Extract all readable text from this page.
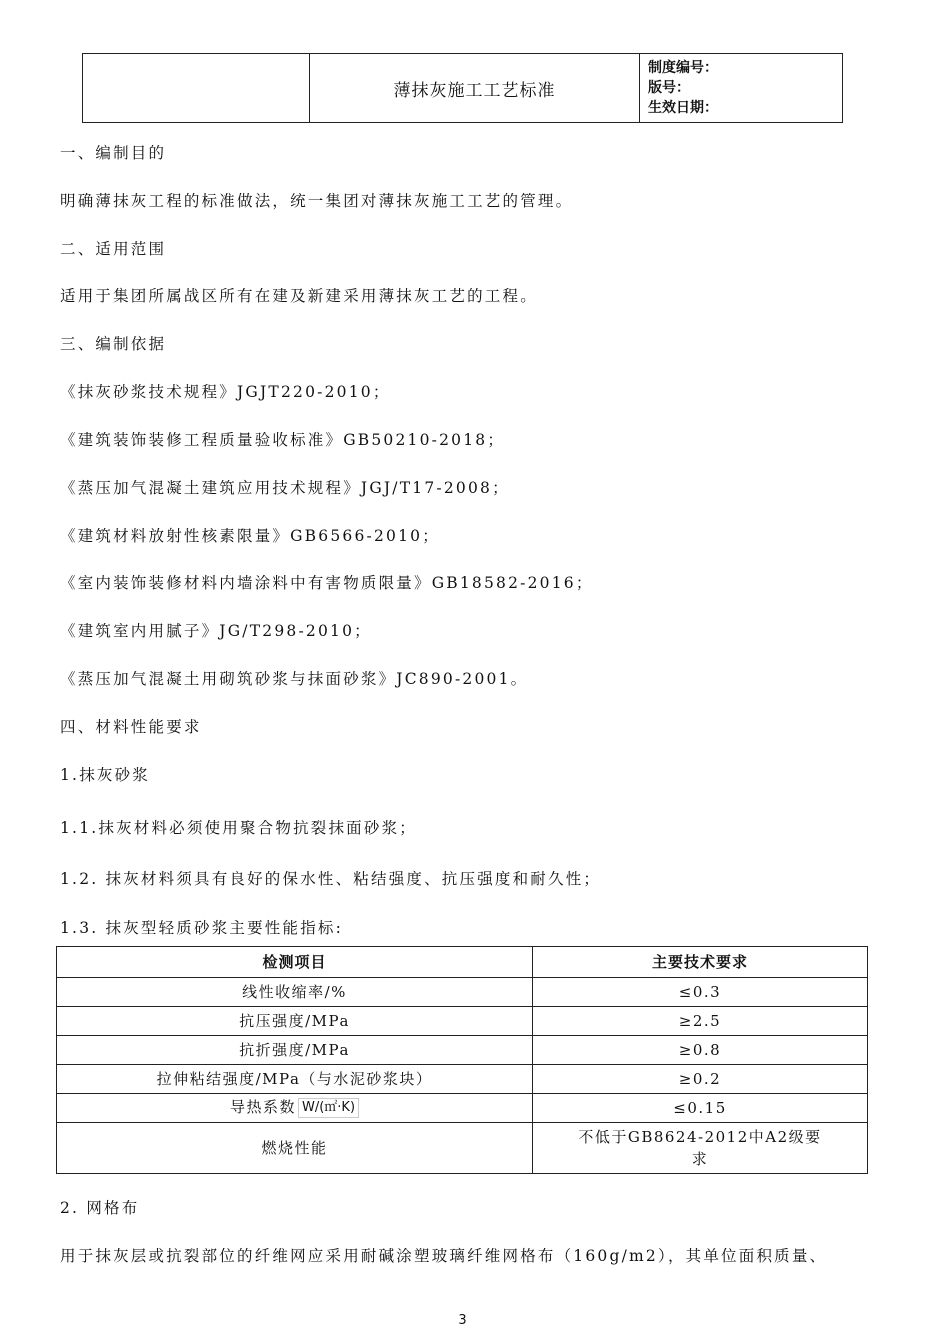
	薄抹灰施工工艺标准	
制度编号：
版号：
生效日期：
一、编制目的
明确薄抹灰工程的标准做法，统一集团对薄抹灰施工工艺的管理。
二、适用范围
适用于集团所属战区所有在建及新建采用薄抹灰工艺的工程。
三、编制依据
《抹灰砂浆技术规程》JGJT220-2010；
《建筑装饰装修工程质量验收标准》GB50210-2018；
《蒸压加气混凝土建筑应用技术规程》JGJ/T17-2008；
《建筑材料放射性核素限量》GB6566-2010；
《室内装饰装修材料内墙涂料中有害物质限量》GB18582-2016；
《建筑室内用腻子》JG/T298-2010；
《蒸压加气混凝土用砌筑砂浆与抹面砂浆》JC890-2001。
四、材料性能要求
1.抹灰砂浆
1.1.抹灰材料必须使用聚合物抗裂抹面砂浆；
1.2. 抹灰材料须具有良好的保水性、粘结强度、抗压强度和耐久性；
1.3. 抹灰型轻质砂浆主要性能指标:
检测项目	主要技术要求
线性收缩率/%	≤0.3
抗压强度/MPa	≥2.5
抗折强度/MPa	≥0.8
拉伸粘结强度/MPa（与水泥砂浆块）	≥0.2
导热系数 W/(㎡·K)	≤0.15
燃烧性能	不低于GB8624-2012中A2级要求
2. 网格布
用于抹灰层或抗裂部位的纤维网应采用耐碱涂塑玻璃纤维网格布（160g/m2），其单位面积质量、
3
